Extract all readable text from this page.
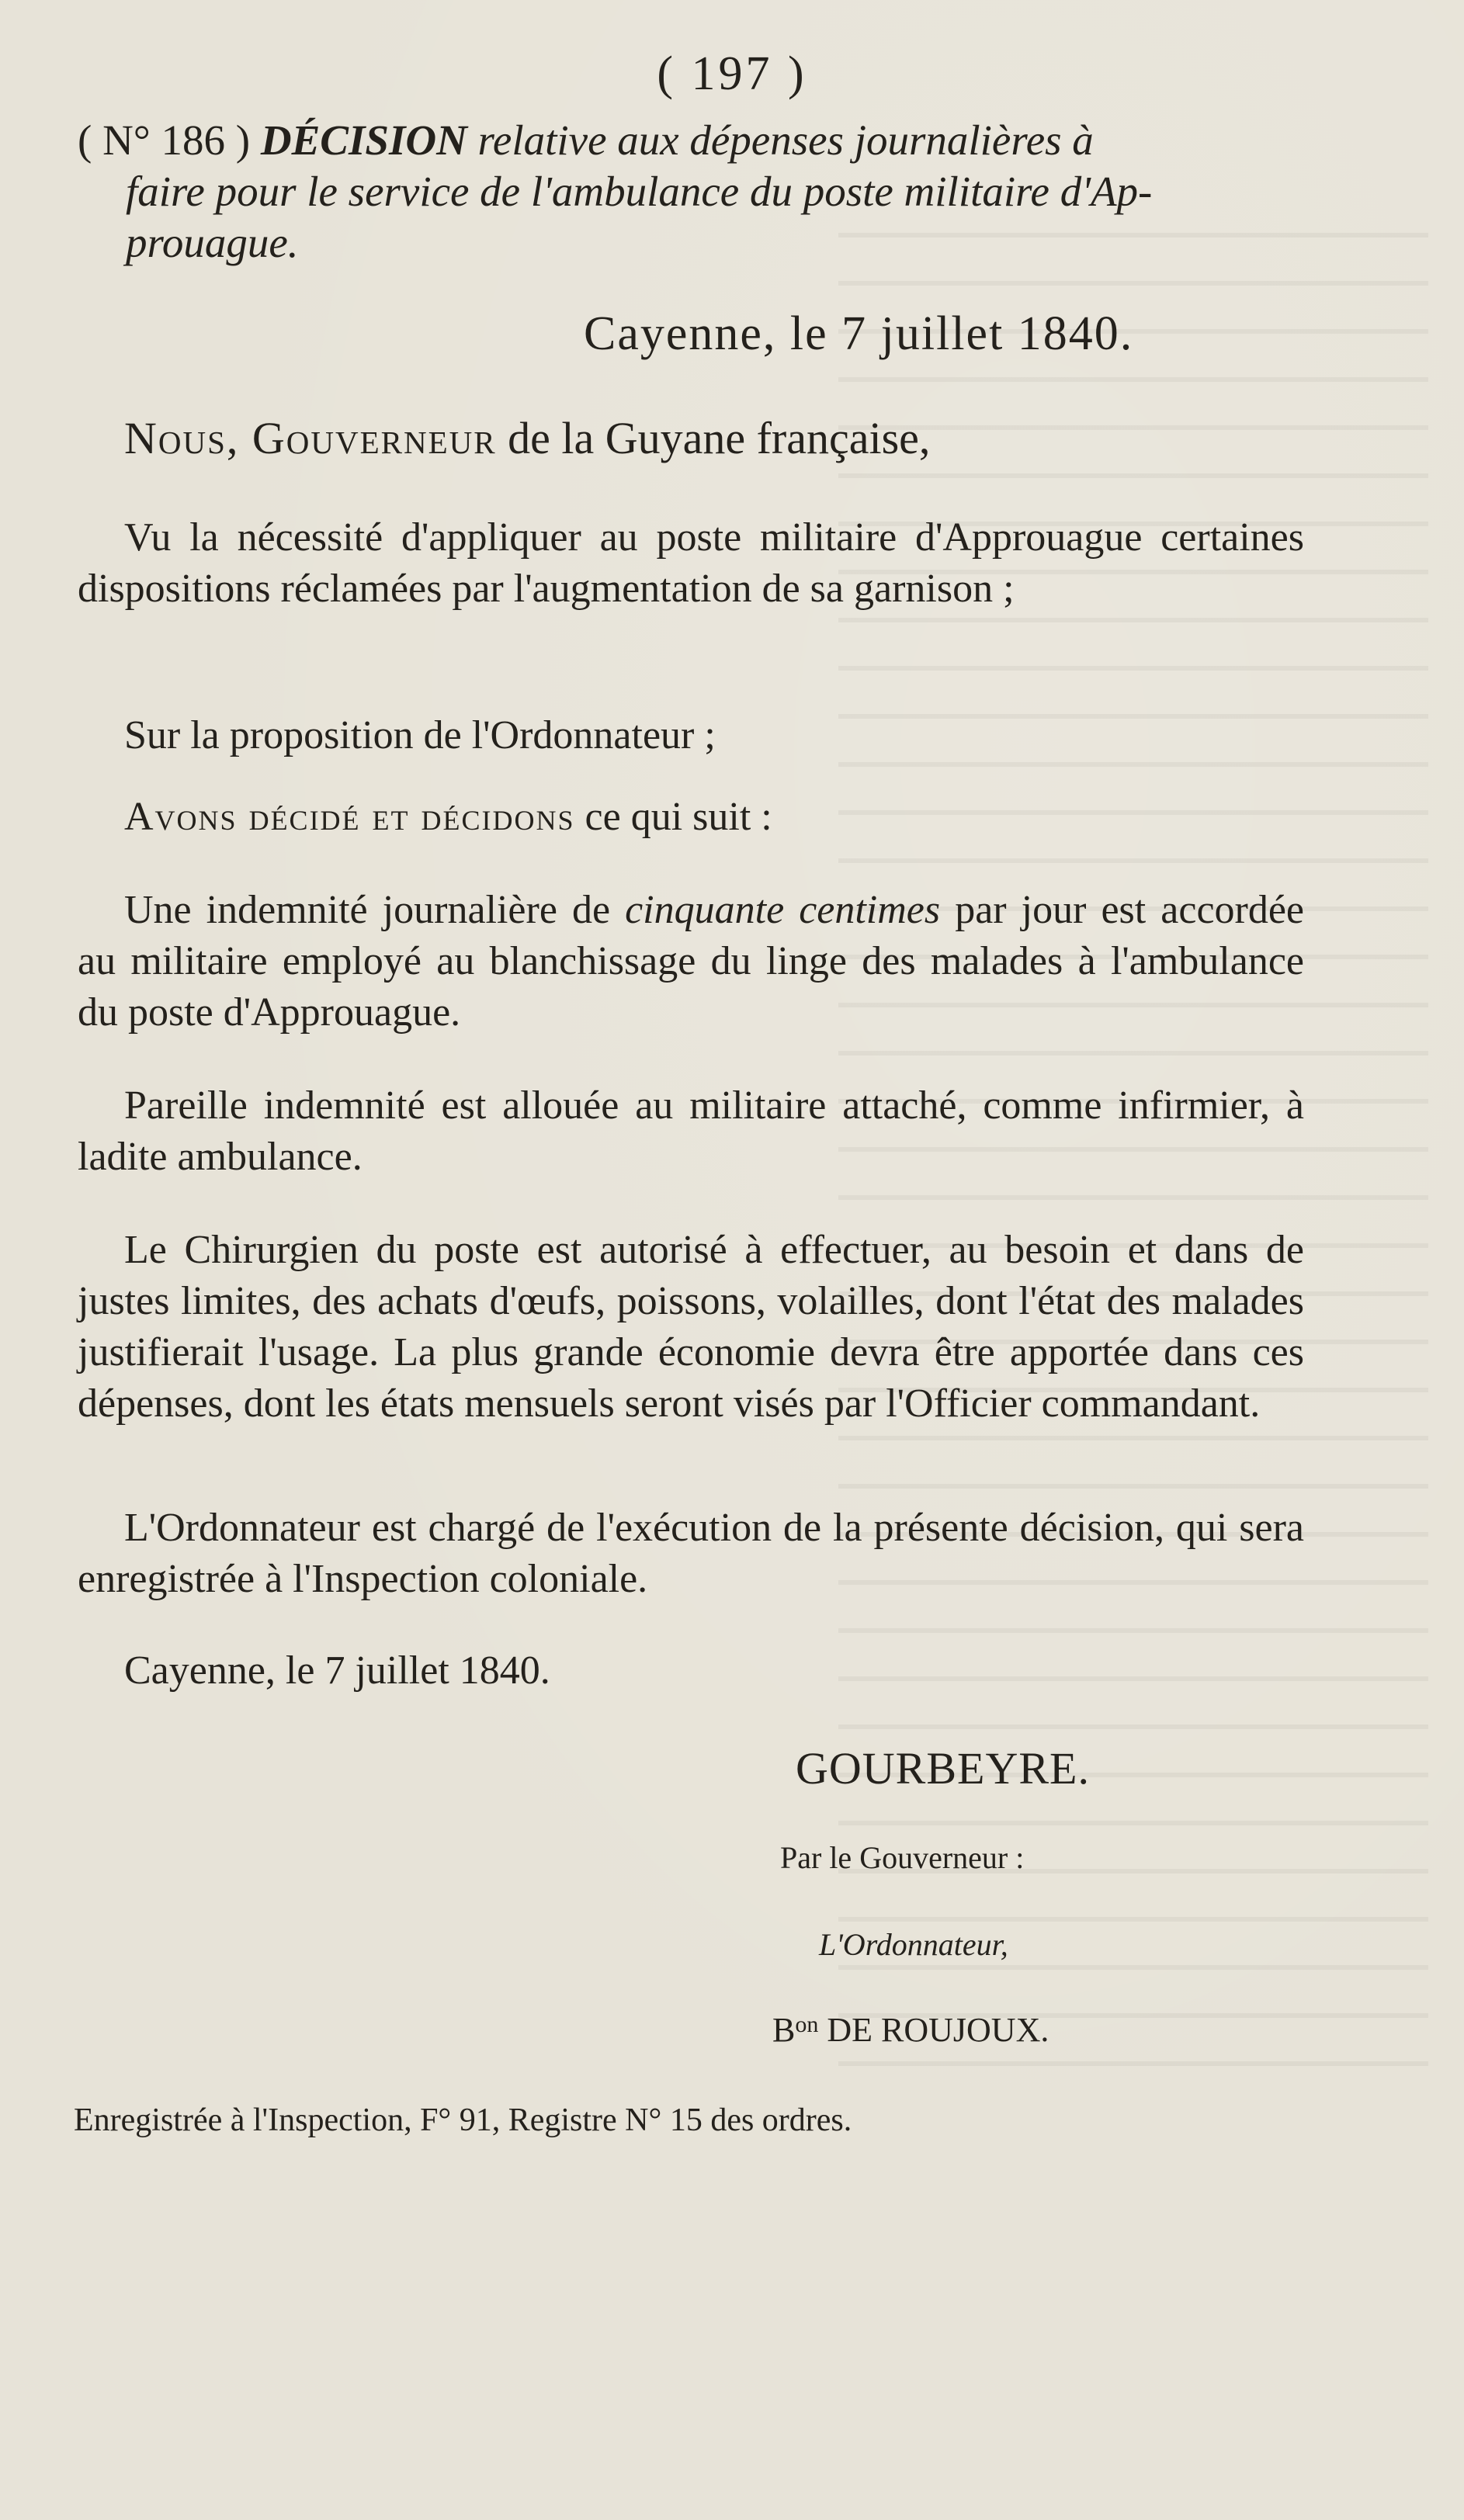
( 197 )
( N° 186 ) DÉCISION relative aux dépenses journalières à
faire pour le service de l'ambulance du poste militaire d'Ap-
prouague.
Cayenne, le 7 juillet 1840.
Nous, Gouverneur de la Guyane française,
Vu la nécessité d'appliquer au poste militaire d'Approuague certaines dispositions réclamées par l'augmentation de sa garnison ;
Sur la proposition de l'Ordonnateur ;
Avons décidé et décidons ce qui suit :
Une indemnité journalière de cinquante centimes par jour est accordée au militaire employé au blanchissage du linge des malades à l'ambulance du poste d'Approuague.
Pareille indemnité est allouée au militaire attaché, comme infirmier, à ladite ambulance.
Le Chirurgien du poste est autorisé à effectuer, au besoin et dans de justes limites, des achats d'œufs, poissons, volailles, dont l'état des malades justifierait l'usage. La plus grande économie devra être apportée dans ces dépenses, dont les états mensuels seront visés par l'Officier commandant.
L'Ordonnateur est chargé de l'exécution de la présente décision, qui sera enregistrée à l'Inspection coloniale.
Cayenne, le 7 juillet 1840.
GOURBEYRE.
Par le Gouverneur :
L'Ordonnateur,
$B^{on}$ DE ROUJOUX.
Enregistrée à l'Inspection, F° 91, Registre N° 15 des ordres.
